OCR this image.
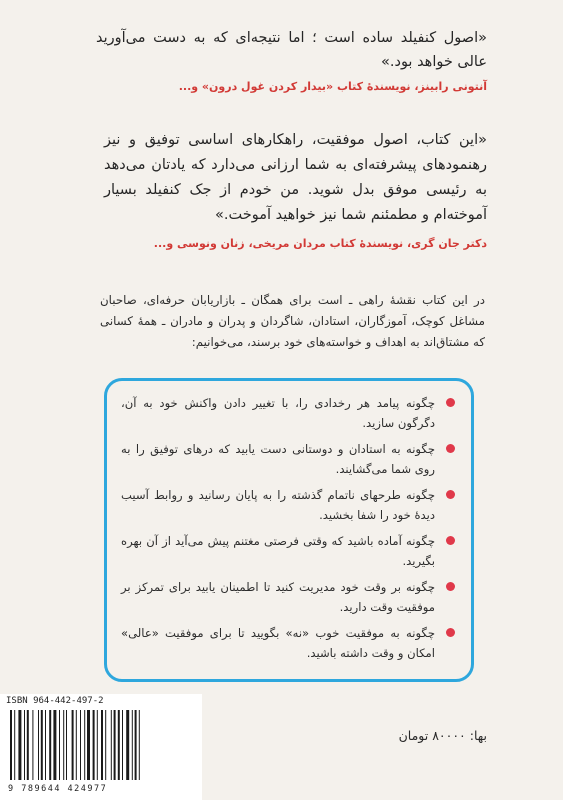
«اصول کنفیلد ساده است ؛ اما نتیجه‌ای که به دست می‌آورید عالی خواهد بود.»
آنتونی رابینز، نویسندهٔ کتاب «بیدار کردن غول درون» و...
«این کتاب، اصول موفقیت، راهکارهای اساسی توفیق و نیز رهنمودهای پیشرفته‌ای به شما ارزانی می‌دارد که یادتان می‌دهد به رئیسی موفق بدل شوید. من خودم از جک کنفیلد بسیار آموخته‌ام و مطمئنم شما نیز خواهید آموخت.»
دکتر جان گری، نویسندهٔ کتاب مردان مریخی، زنان ونوسی و...
در این کتاب نقشهٔ راهی ـ است برای همگان ـ بازاریابان حرفه‌ای، صاحبان مشاغل کوچک، آموزگاران، استادان، شاگردان و پدران و مادران ـ همهٔ کسانی که مشتاق‌اند به اهداف و خواسته‌های خود برسند، می‌خوانیم:
چگونه پیامد هر رخدادی را، با تغییر دادن واکنش خود به آن، دگرگون سازید.
چگونه به استادان و دوستانی دست یابید که درهای توفیق را به روی شما می‌گشایند.
چگونه طرحهای ناتمام گذشته را به پایان رسانید و روابط آسیب دیدهٔ خود را شفا بخشید.
چگونه آماده باشید که وقتی فرصتی مغتنم پیش می‌آید از آن بهره بگیرید.
چگونه بر وقت خود مدیریت کنید تا اطمینان یابید برای تمرکز بر موفقیت وقت دارید.
چگونه به موفقیت خوب «نه» بگویید تا برای موفقیت «عالی» امکان و وقت داشته باشید.
بها: ۸۰۰۰۰ تومان
ISBN 964-442-497-2
9 789644 424977
